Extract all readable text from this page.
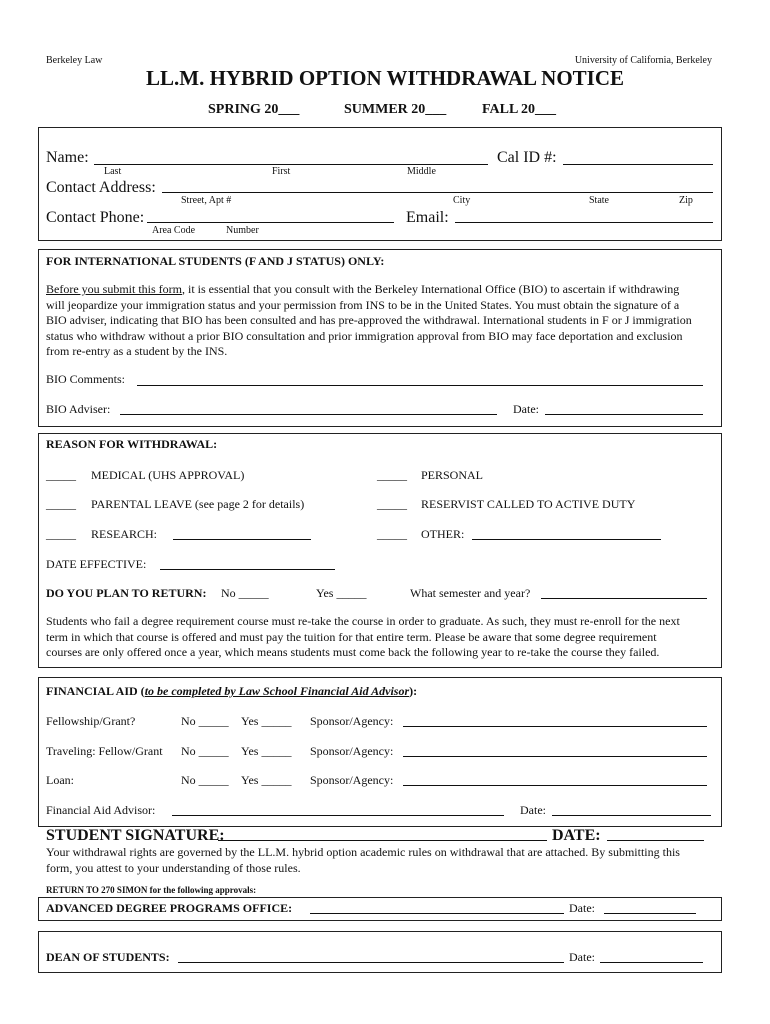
Berkeley Law	University of California, Berkeley
LL.M. HYBRID OPTION WITHDRAWAL NOTICE
SPRING 20___	SUMMER 20___	FALL 20___
Name:
Last	First	Middle
Cal ID #:
Contact Address:
Street, Apt #	City	State	Zip
Contact Phone:
Area Code	Number
Email:
FOR INTERNATIONAL STUDENTS (F AND J STATUS) ONLY:
Before you submit this form, it is essential that you consult with the Berkeley International Office (BIO) to ascertain if withdrawing
will jeopardize your immigration status and your permission from INS to be in the United States. You must obtain the signature of a
BIO adviser, indicating that BIO has been consulted and has pre-approved the withdrawal. International students in F or J immigration
status who withdraw without a prior BIO consultation and prior immigration approval from BIO may face deportation and exclusion
from re-entry as a student by the INS.
BIO Comments:
BIO Adviser:	Date:
REASON FOR WITHDRAWAL:
_____ MEDICAL (UHS APPROVAL)	_____ PERSONAL
_____ PARENTAL LEAVE (see page 2 for details)	_____ RESERVIST CALLED TO ACTIVE DUTY
_____ RESEARCH:	_____ OTHER:
DATE EFFECTIVE:
DO YOU PLAN TO RETURN: No _____	Yes _____	What semester and year?
Students who fail a degree requirement course must re-take the course in order to graduate. As such, they must re-enroll for the next
term in which that course is offered and must pay the tuition for that entire term. Please be aware that some degree requirement
courses are only offered once a year, which means students must come back the following year to re-take the course they failed.
FINANCIAL AID (to be completed by Law School Financial Aid Advisor):
Fellowship/Grant?	No _____ Yes _____ Sponsor/Agency:
Traveling: Fellow/Grant No _____ Yes _____ Sponsor/Agency:
Loan:	No _____ Yes _____ Sponsor/Agency:
Financial Aid Advisor:	Date:
STUDENT SIGNATURE:	DATE:
Your withdrawal rights are governed by the LL.M. hybrid option academic rules on withdrawal that are attached. By submitting this
form, you attest to your understanding of those rules.
RETURN TO 270 SIMON for the following approvals:
ADVANCED DEGREE PROGRAMS OFFICE:	Date:
DEAN OF STUDENTS:	Date:
